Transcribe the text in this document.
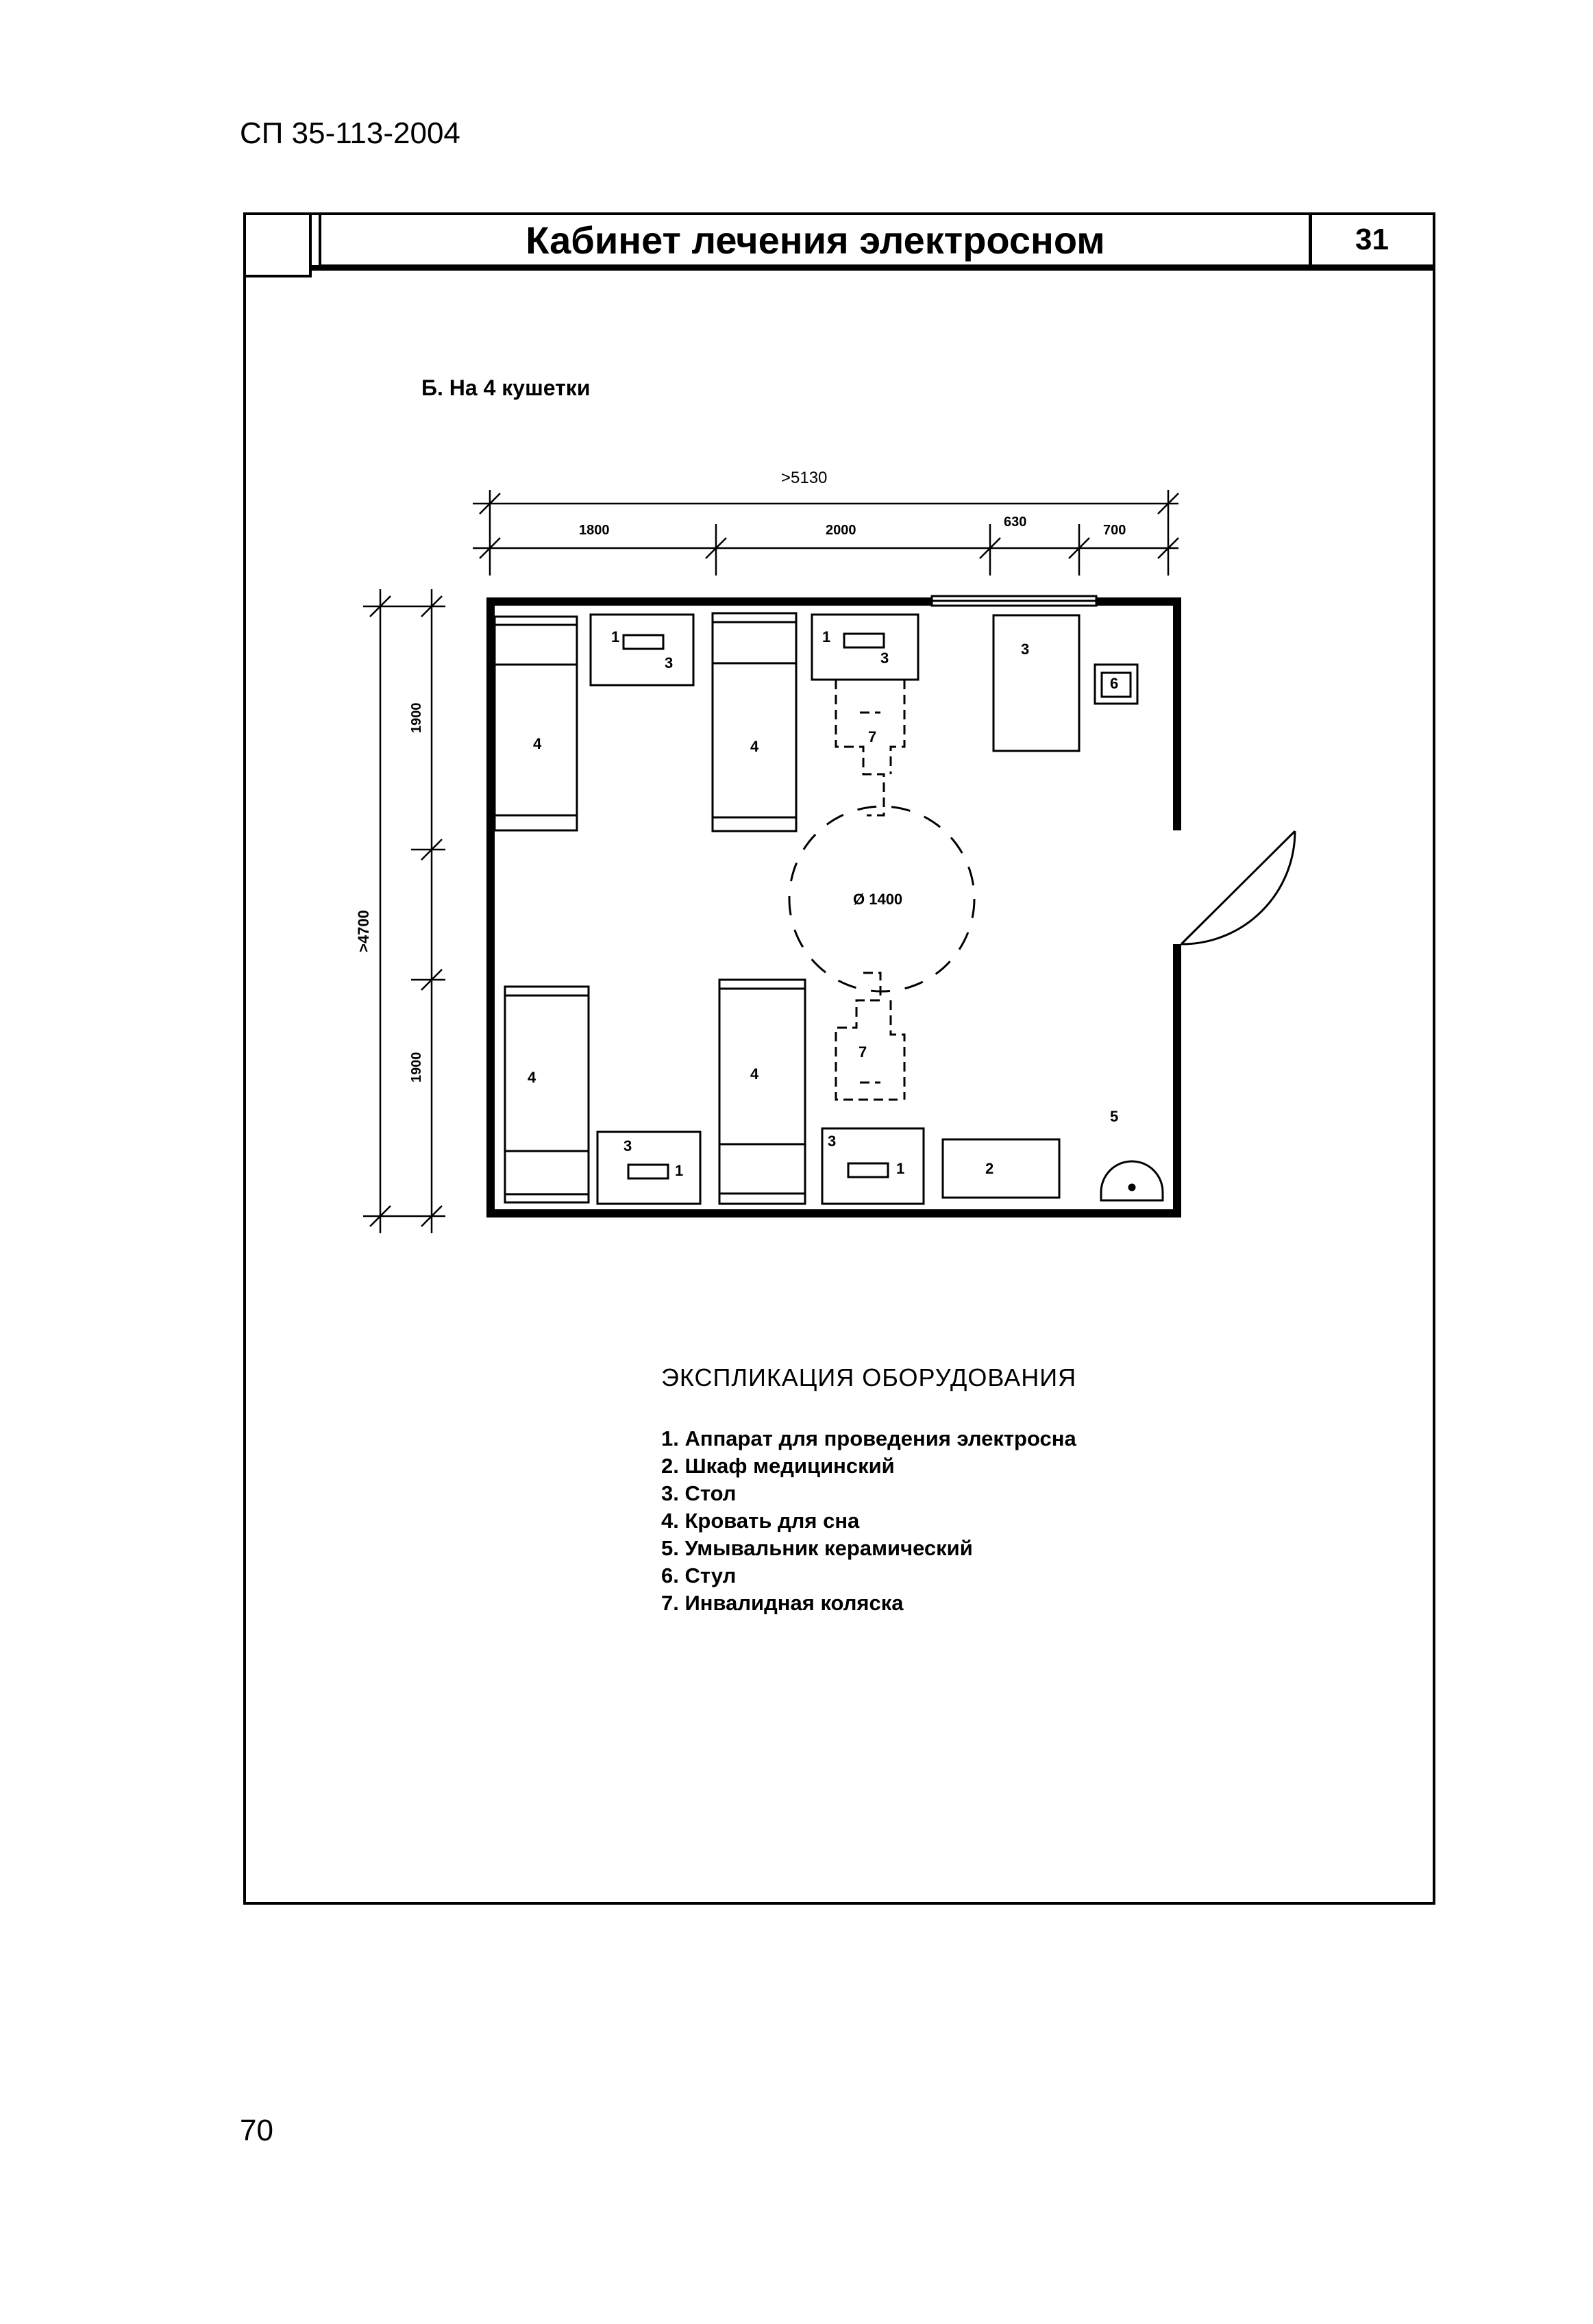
СП 35-113-2004
Кабинет лечения электросном	31
Б. На 4 кушетки
>5130
1800	2000
630
700
>4700
1900
1900
Ø 1400
4	4
4	4
1	1
1	1
3	3
3	3
3
6
7
7
2
5
ЭКСПЛИКАЦИЯ ОБОРУДОВАНИЯ
1. Аппарат для проведения электросна
2. Шкаф медицинский
3. Стол
4. Кровать для сна
5. Умывальник керамический
6. Стул
7. Инвалидная коляска
70
